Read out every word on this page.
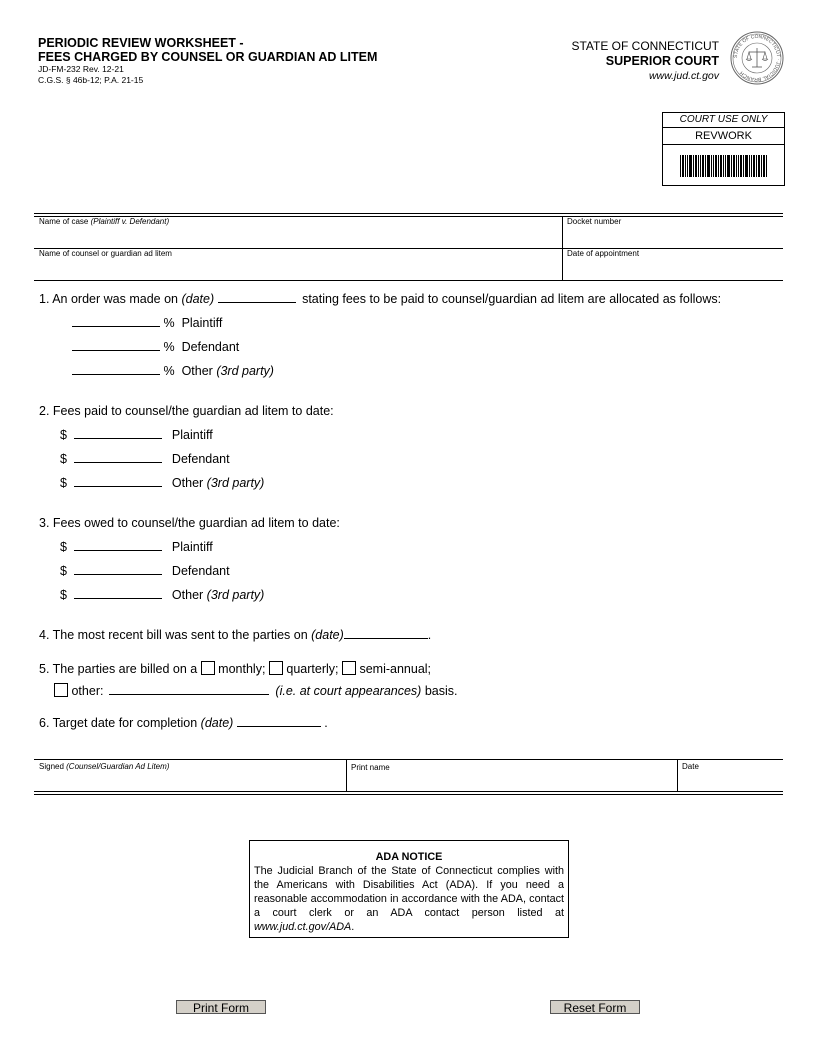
PERIODIC REVIEW WORKSHEET -
FEES CHARGED BY COUNSEL OR GUARDIAN AD LITEM
JD-FM-232 Rev. 12-21
C.G.S. § 46b-12; P.A. 21-15
STATE OF CONNECTICUT
SUPERIOR COURT
www.jud.ct.gov
STATE OF CONNECTICUT · JUDICIAL BRANCH
COURT USE ONLY
REVWORK
Name of case (Plaintiff v. Defendant)	Docket number
Name of counsel or guardian ad litem	Date of appointment
1. An order was made on (date)	stating fees to be paid to counsel/guardian ad litem are allocated as follows:
% Plaintiff
% Defendant
% Other (3rd party)
2. Fees paid to counsel/the guardian ad litem to date:
$	Plaintiff
$	Defendant
$	Other (3rd party)
3. Fees owed to counsel/the guardian ad litem to date:
$	Plaintiff
$	Defendant
$	Other (3rd party)
4. The most recent bill was sent to the parties on (date)	.
5. The parties are billed on a  monthly; quarterly; semi-annual;
other:	(i.e. at court appearances) basis.
6. Target date for completion (date)	.
Signed (Counsel/Guardian Ad Litem)	Print name	Date
ADA NOTICE
The Judicial Branch of the State of Connecticut complies with the Americans with Disabilities Act (ADA). If you need a reasonable accommodation in accordance with the ADA, contact a court clerk or an ADA contact person listed at www.jud.ct.gov/ADA.
Print Form	Reset Form
